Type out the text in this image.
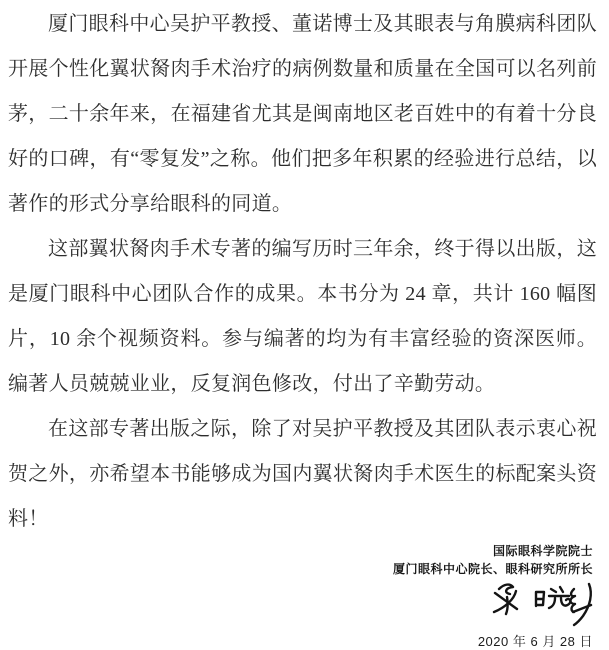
厦门眼科中心吴护平教授、董诺博士及其眼表与角膜病科团队开展个性化翼状胬肉手术治疗的病例数量和质量在全国可以名列前茅，二十余年来，在福建省尤其是闽南地区老百姓中的有着十分良好的口碑，有“零复发”之称。他们把多年积累的经验进行总结，以著作的形式分享给眼科的同道。

这部翼状胬肉手术专著的编写历时三年余，终于得以出版，这是厦门眼科中心团队合作的成果。本书分为 24 章，共计 160 幅图片，10 余个视频资料。参与编著的均为有丰富经验的资深医师。编著人员兢兢业业，反复润色修改，付出了辛勤劳动。

在这部专著出版之际，除了对吴护平教授及其团队表示衷心祝贺之外，亦希望本书能够成为国内翼状胬肉手术医生的标配案头资料！

国际眼科学院院士
厦门眼科中心院长、眼科研究所所长
2020 年 6 月 28 日
